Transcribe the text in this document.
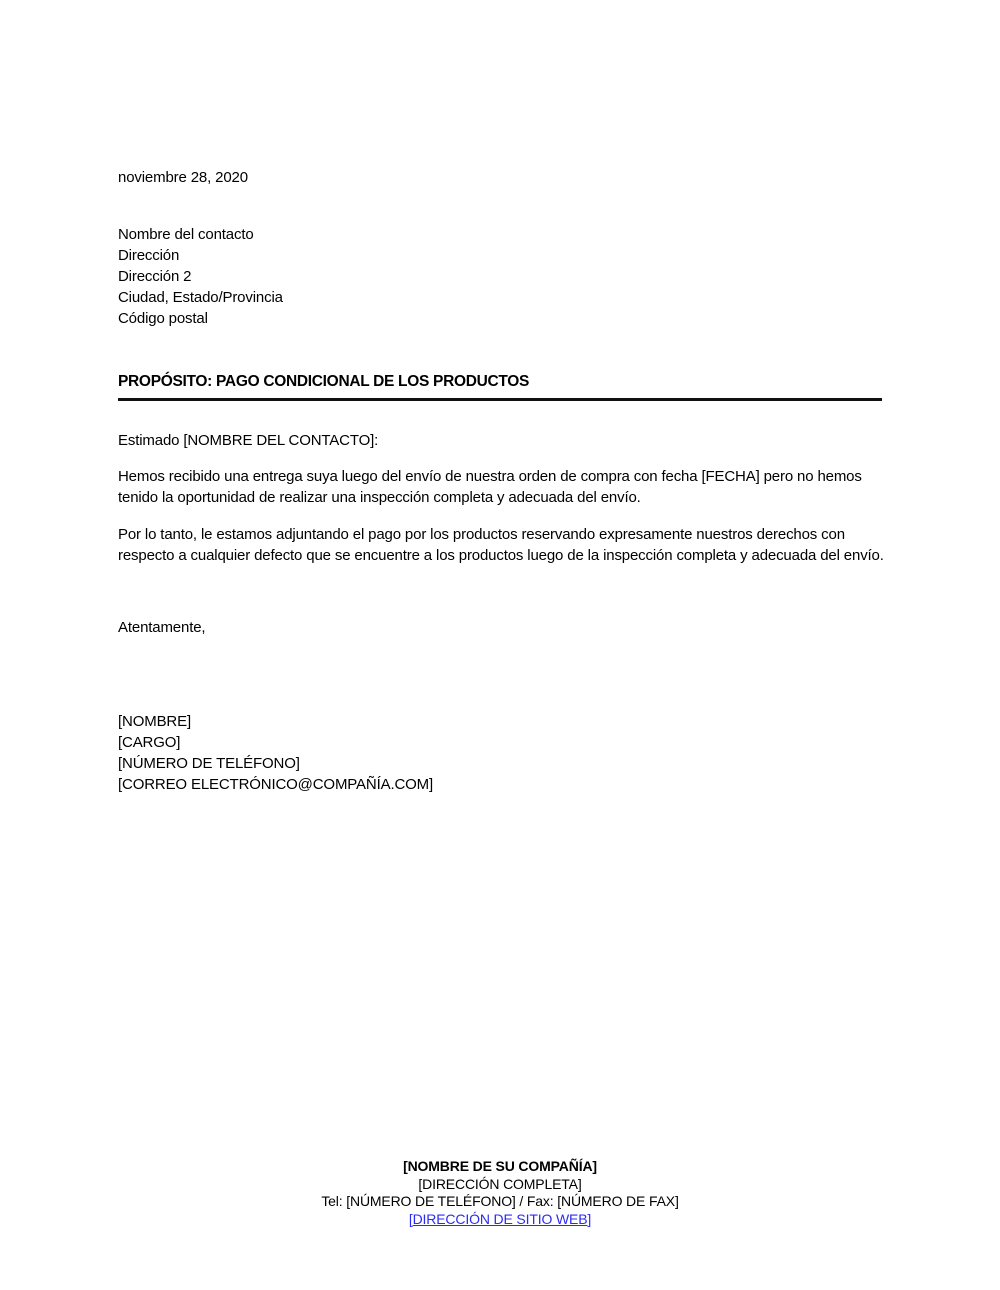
noviembre 28, 2020
Nombre del contacto
Dirección
Dirección 2
Ciudad, Estado/Provincia
Código postal
PROPÓSITO: PAGO CONDICIONAL DE LOS PRODUCTOS
Estimado [NOMBRE DEL CONTACTO]:
Hemos recibido una entrega suya luego del envío de nuestra orden de compra con fecha [FECHA] pero no hemos tenido la oportunidad de realizar una inspección completa y adecuada del envío.
Por lo tanto, le estamos adjuntando el pago por los productos reservando expresamente nuestros derechos con respecto a cualquier defecto que se encuentre a los productos luego de la inspección completa y adecuada del envío.
Atentamente,
[NOMBRE]
[CARGO]
[NÚMERO DE TELÉFONO]
[CORREO ELECTRÓNICO@COMPAÑÍA.COM]
[NOMBRE DE SU COMPAÑÍA]
[DIRECCIÓN COMPLETA]
Tel: [NÚMERO DE TELÉFONO] / Fax: [NÚMERO DE FAX]
[DIRECCIÓN DE SITIO WEB]
